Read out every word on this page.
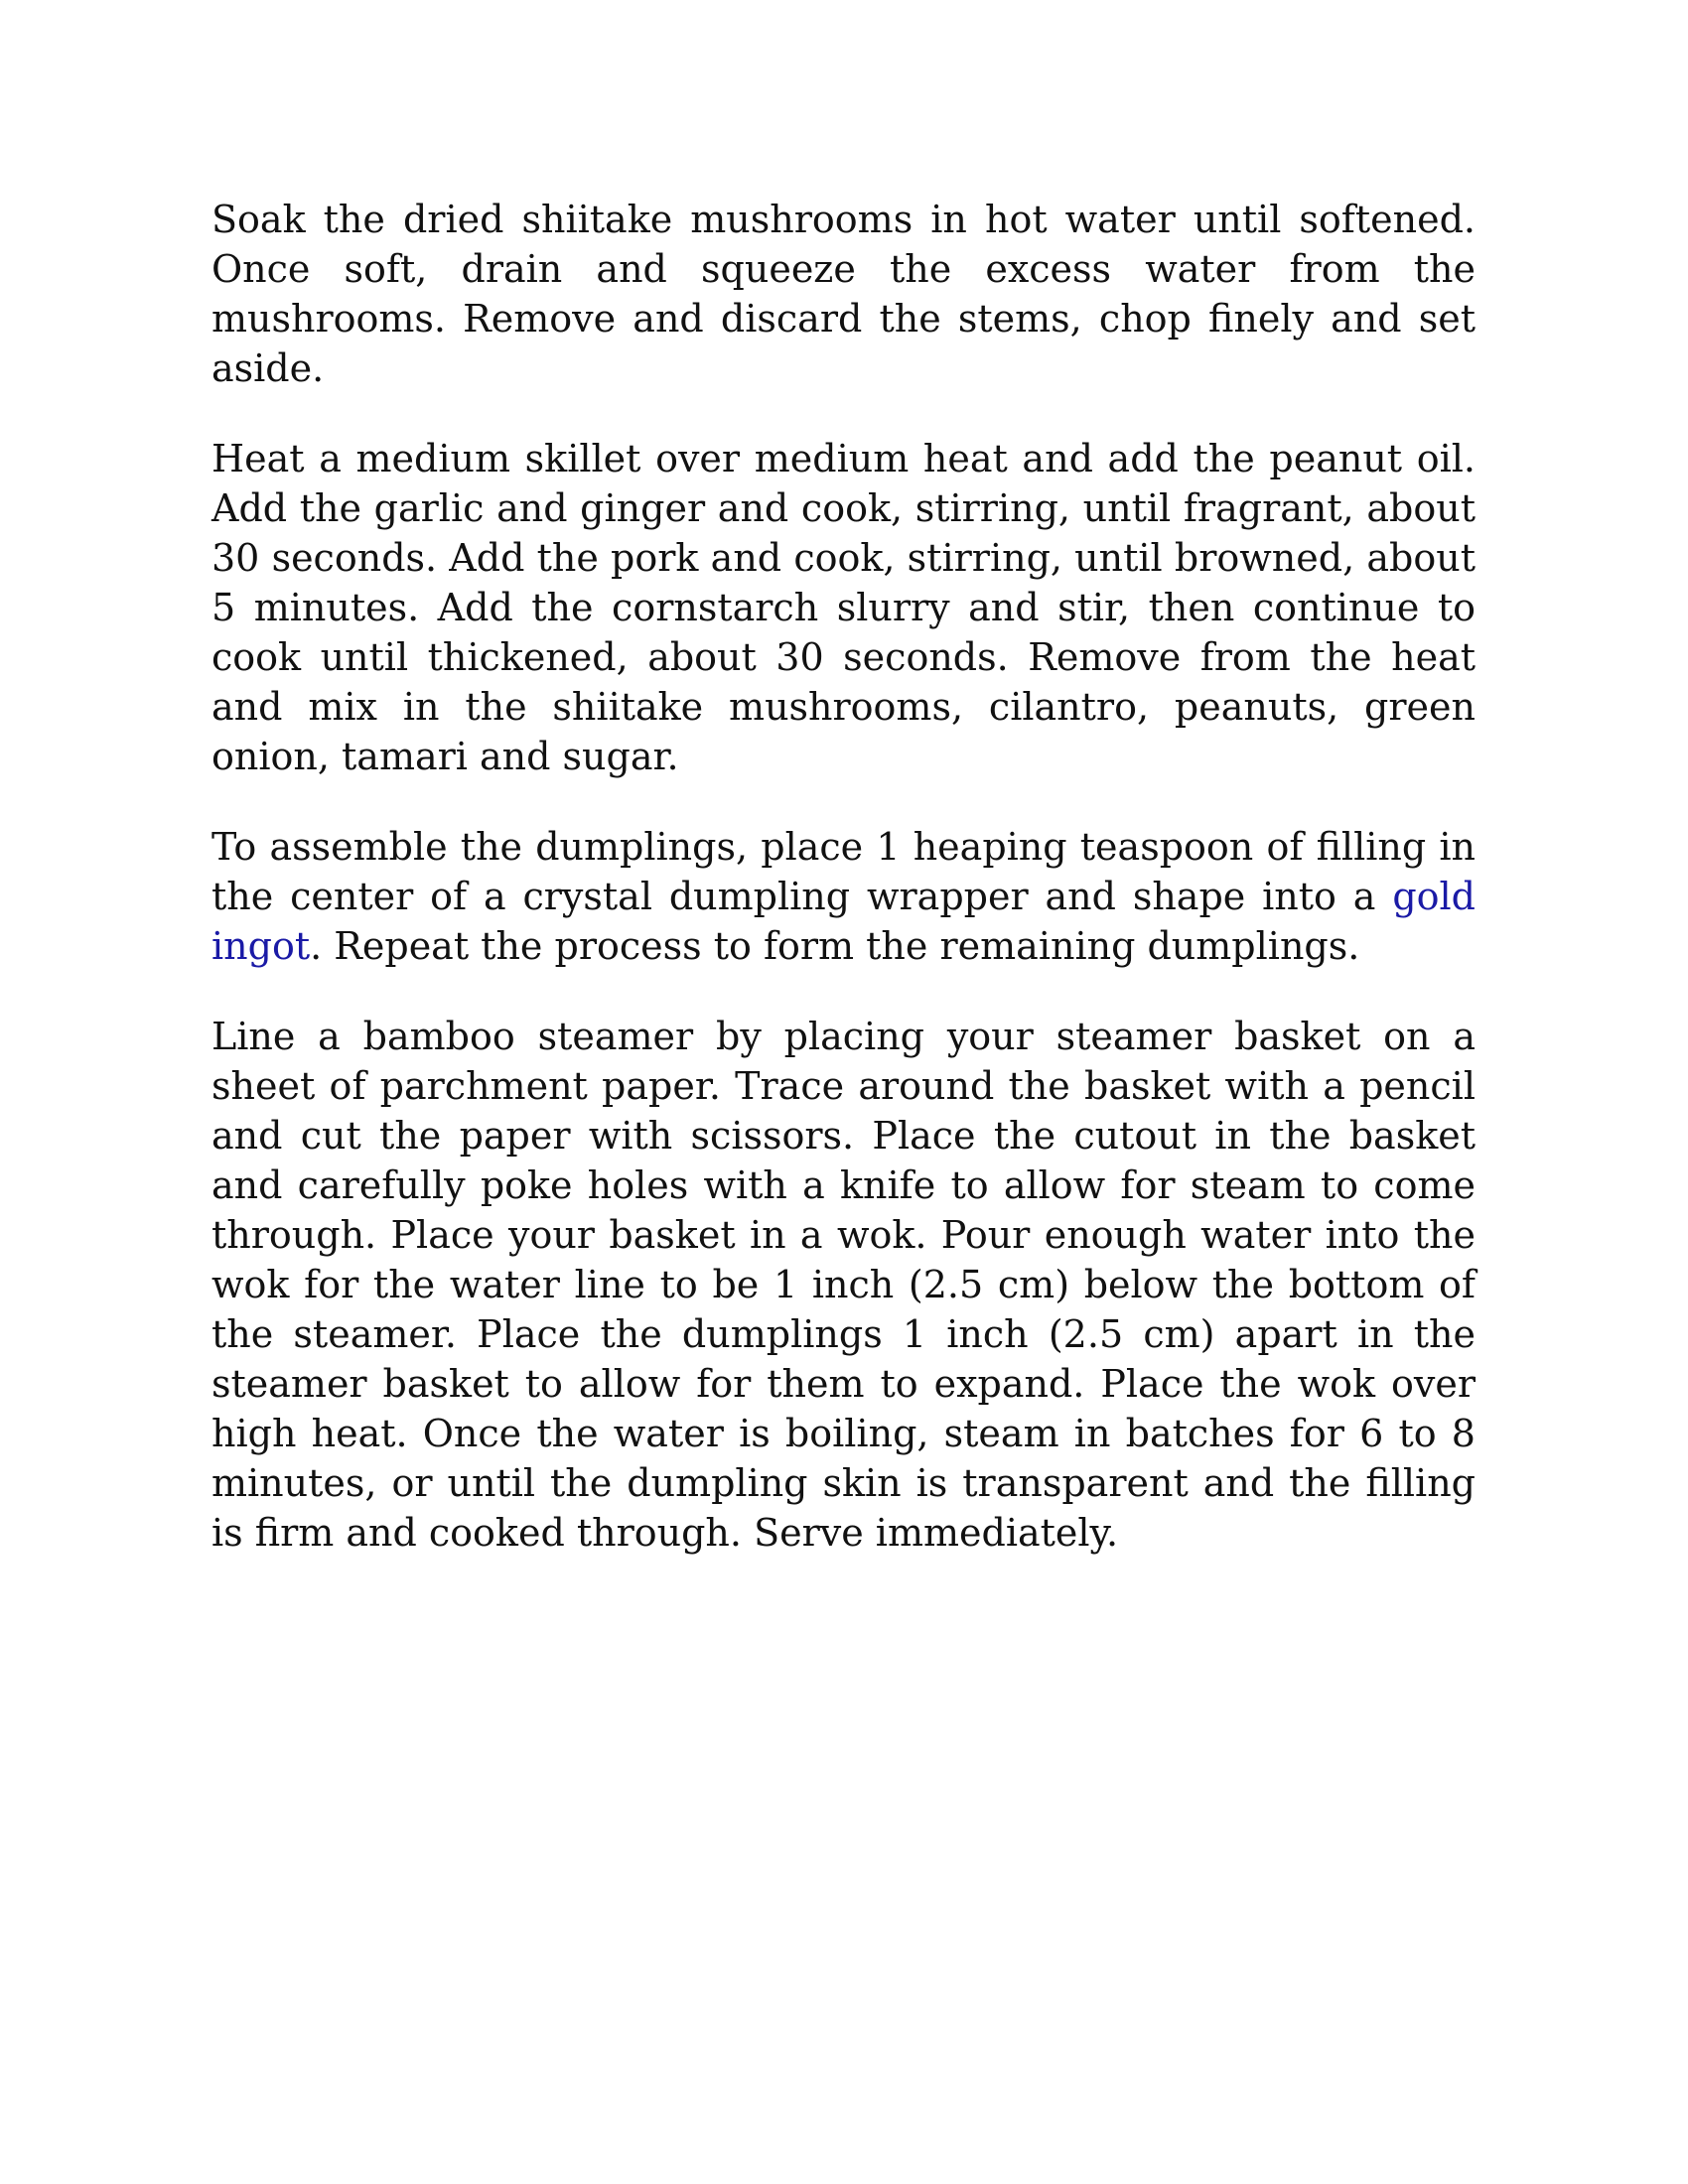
Soak the dried shiitake mushrooms in hot water until softened. Once soft, drain and squeeze the excess water from the mushrooms. Remove and discard the stems, chop finely and set aside.

Heat a medium skillet over medium heat and add the peanut oil. Add the garlic and ginger and cook, stirring, until fragrant, about 30 seconds. Add the pork and cook, stirring, until browned, about 5 minutes. Add the cornstarch slurry and stir, then continue to cook until thickened, about 30 seconds. Remove from the heat and mix in the shiitake mushrooms, cilantro, peanuts, green onion, tamari and sugar.

To assemble the dumplings, place 1 heaping teaspoon of filling in the center of a crystal dumpling wrapper and shape into a gold ingot. Repeat the process to form the remaining dumplings.

Line a bamboo steamer by placing your steamer basket on a sheet of parchment paper. Trace around the basket with a pencil and cut the paper with scissors. Place the cutout in the basket and carefully poke holes with a knife to allow for steam to come through. Place your basket in a wok. Pour enough water into the wok for the water line to be 1 inch (2.5 cm) below the bottom of the steamer. Place the dumplings 1 inch (2.5 cm) apart in the steamer basket to allow for them to expand. Place the wok over high heat. Once the water is boiling, steam in batches for 6 to 8 minutes, or until the dumpling skin is transparent and the filling is firm and cooked through. Serve immediately.
